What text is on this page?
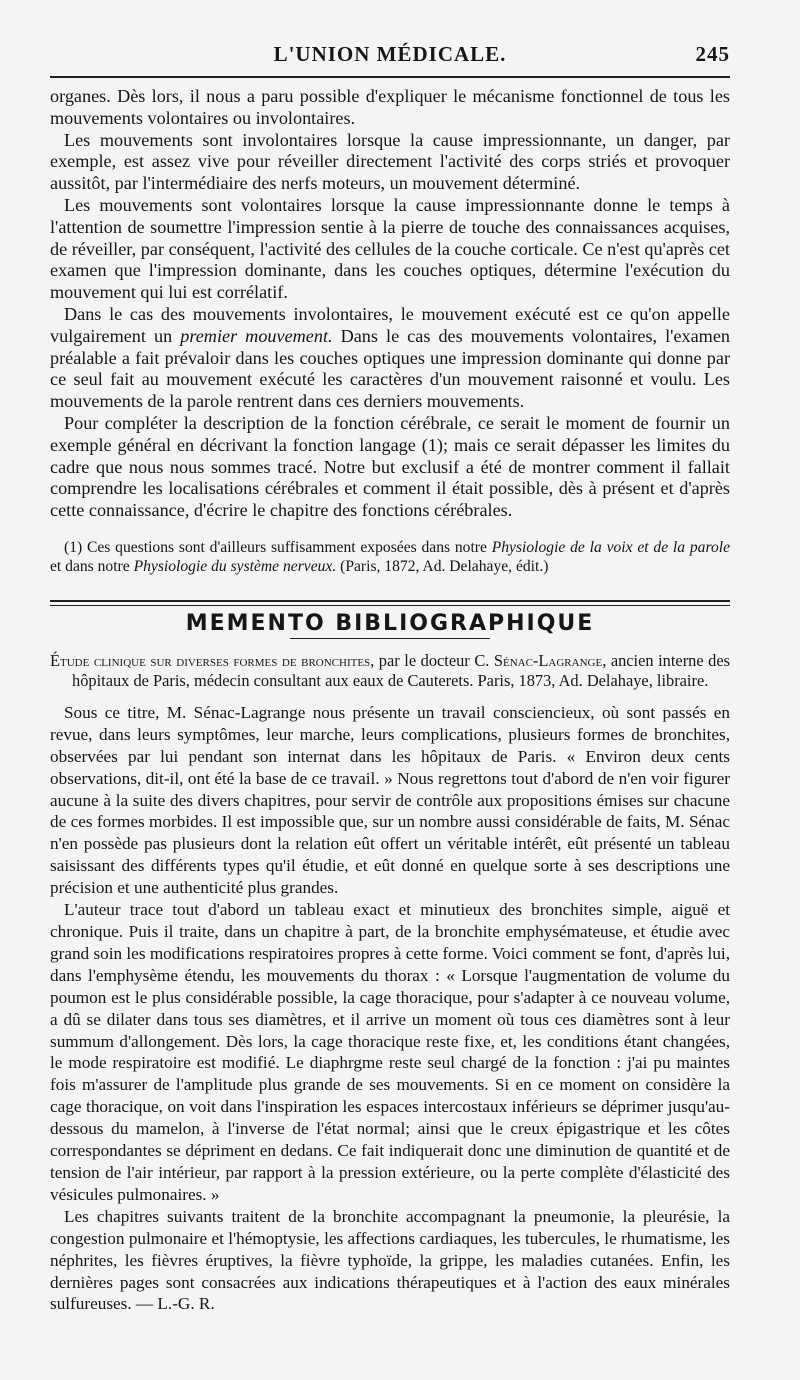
L'UNION MÉDICALE.	245

organes. Dès lors, il nous a paru possible d'expliquer le mécanisme fonctionnel de tous les mouvements volontaires ou involontaires.

Les mouvements sont involontaires lorsque la cause impressionnante, un danger, par exemple, est assez vive pour réveiller directement l'activité des corps striés et provoquer aussitôt, par l'intermédiaire des nerfs moteurs, un mouvement déterminé.

Les mouvements sont volontaires lorsque la cause impressionnante donne le temps à l'attention de soumettre l'impression sentie à la pierre de touche des connaissances acquises, de réveiller, par conséquent, l'activité des cellules de la couche corticale. Ce n'est qu'après cet examen que l'impression dominante, dans les couches optiques, détermine l'exécution du mouvement qui lui est corrélatif.

Dans le cas des mouvements involontaires, le mouvement exécuté est ce qu'on appelle vulgairement un premier mouvement. Dans le cas des mouvements volontaires, l'examen préalable a fait prévaloir dans les couches optiques une impression dominante qui donne par ce seul fait au mouvement exécuté les caractères d'un mouvement raisonné et voulu. Les mouvements de la parole rentrent dans ces derniers mouvements.

Pour compléter la description de la fonction cérébrale, ce serait le moment de fournir un exemple général en décrivant la fonction langage (1); mais ce serait dépasser les limites du cadre que nous nous sommes tracé. Notre but exclusif a été de montrer comment il fallait comprendre les localisations cérébrales et comment il était possible, dès à présent et d'après cette connaissance, d'écrire le chapitre des fonctions cérébrales.

(1) Ces questions sont d'ailleurs suffisamment exposées dans notre Physiologie de la voix et de la parole et dans notre Physiologie du système nerveux. (Paris, 1872, Ad. Delahaye, édit.)

MEMENTO BIBLIOGRAPHIQUE

Étude clinique sur diverses formes de bronchites, par le docteur C. Sénac-Lagrange, ancien interne des hôpitaux de Paris, médecin consultant aux eaux de Cauterets. Paris, 1873, Ad. Delahaye, libraire.

Sous ce titre, M. Sénac-Lagrange nous présente un travail consciencieux, où sont passés en revue, dans leurs symptômes, leur marche, leurs complications, plusieurs formes de bronchites, observées par lui pendant son internat dans les hôpitaux de Paris. « Environ deux cents observations, dit-il, ont été la base de ce travail. » Nous regrettons tout d'abord de n'en voir figurer aucune à la suite des divers chapitres, pour servir de contrôle aux propositions émises sur chacune de ces formes morbides. Il est impossible que, sur un nombre aussi considérable de faits, M. Sénac n'en possède pas plusieurs dont la relation eût offert un véritable intérêt, eût présenté un tableau saisissant des différents types qu'il étudie, et eût donné en quelque sorte à ses descriptions une précision et une authenticité plus grandes.

L'auteur trace tout d'abord un tableau exact et minutieux des bronchites simple, aiguë et chronique. Puis il traite, dans un chapitre à part, de la bronchite emphysémateuse, et étudie avec grand soin les modifications respiratoires propres à cette forme. Voici comment se font, d'après lui, dans l'emphysème étendu, les mouvements du thorax : « Lorsque l'augmentation de volume du poumon est le plus considérable possible, la cage thoracique, pour s'adapter à ce nouveau volume, a dû se dilater dans tous ses diamètres, et il arrive un moment où tous ces diamètres sont à leur summum d'allongement. Dès lors, la cage thoracique reste fixe, et, les conditions étant changées, le mode respiratoire est modifié. Le diaphrgme reste seul chargé de la fonction : j'ai pu maintes fois m'assurer de l'amplitude plus grande de ses mouvements. Si en ce moment on considère la cage thoracique, on voit dans l'inspiration les espaces intercostaux inférieurs se déprimer jusqu'au-dessous du mamelon, à l'inverse de l'état normal; ainsi que le creux épigastrique et les côtes correspondantes se dépriment en dedans. Ce fait indiquerait donc une diminution de quantité et de tension de l'air intérieur, par rapport à la pression extérieure, ou la perte complète d'élasticité des vésicules pulmonaires. »

Les chapitres suivants traitent de la bronchite accompagnant la pneumonie, la pleurésie, la congestion pulmonaire et l'hémoptysie, les affections cardiaques, les tubercules, le rhumatisme, les néphrites, les fièvres éruptives, la fièvre typhoïde, la grippe, les maladies cutanées. Enfin, les dernières pages sont consacrées aux indications thérapeutiques et à l'action des eaux minérales sulfureuses. — L.-G. R.
